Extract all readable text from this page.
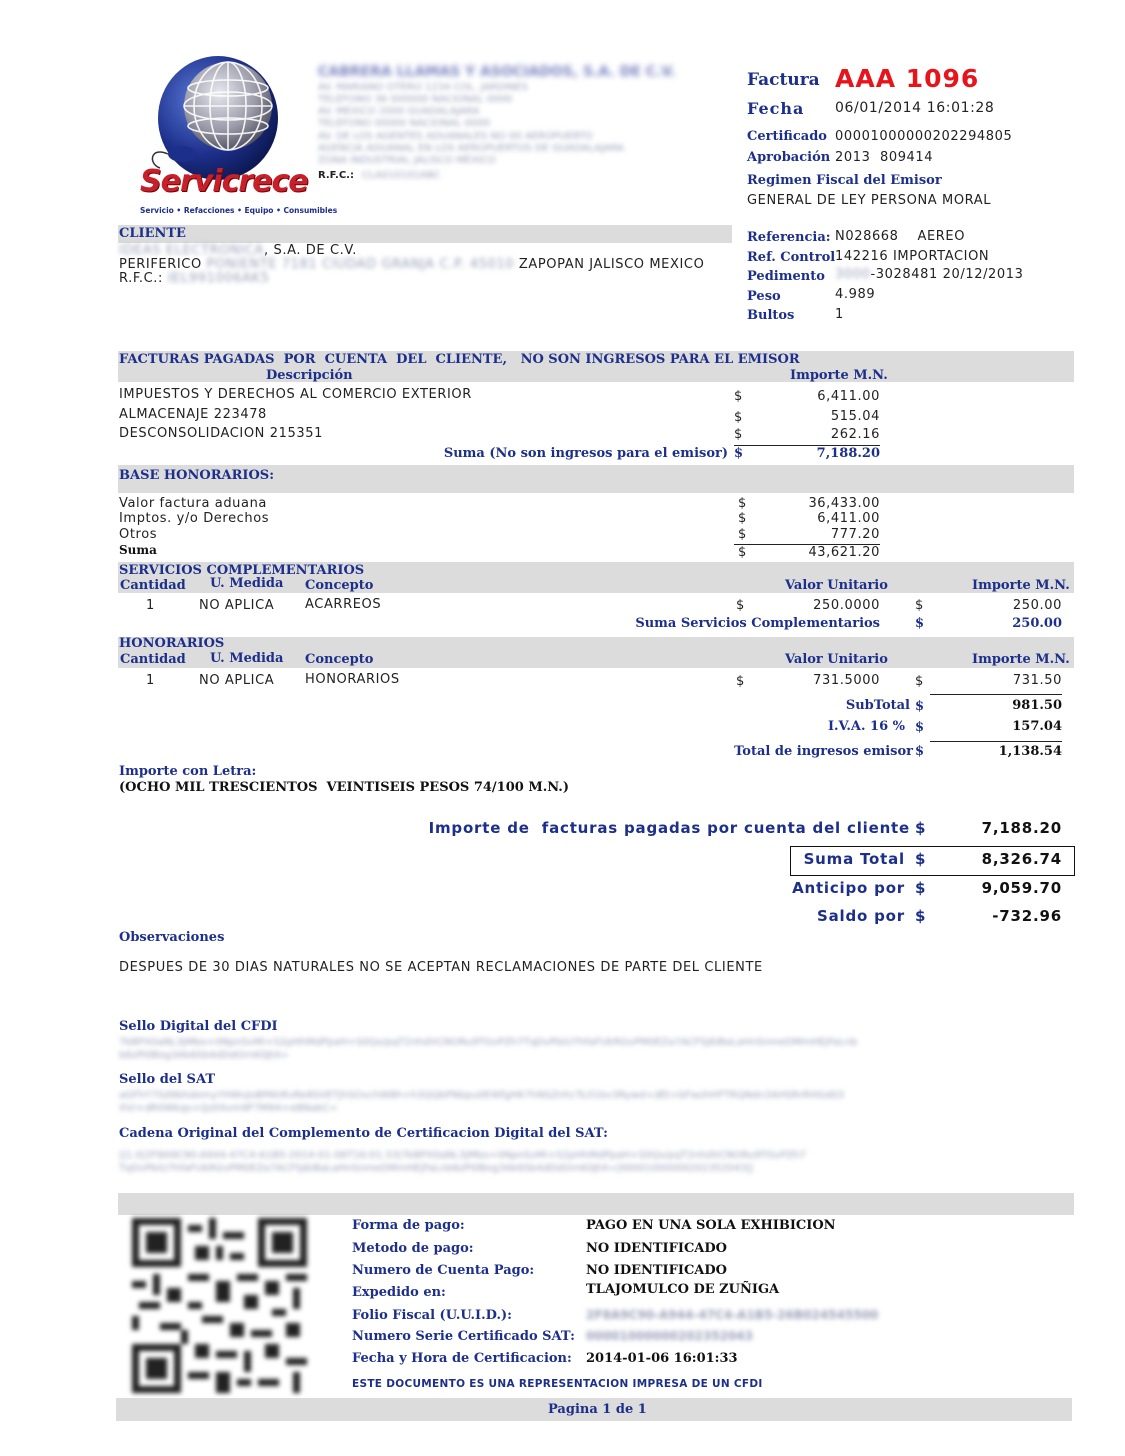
Servicrece
Servicio • Refacciones • Equipo • Consumibles
CABRERA LLAMAS Y ASOCIADOS, S.A. DE C.V.
AV. MARIANO OTERO 1234 COL. JARDINES
TELEFONO 36 000000 NACIONAL 0000
AV. MEXICO 2000 GUADALAJARA
TELEFONO 00000 NACIONAL 0000
AV. DE LOS AGENTES ADUANALES NO 00 AEROPUERTO
AGENCIA ADUANAL EN LOS AEROPUERTOS DE GUADALAJARA
ZONA INDUSTRIAL JALISCO MEXICO
R.F.C.: CLA010101ABC
Factura AAA 1096
Fecha 06/01/2014 16:01:28
Certificado 00001000000202294805
Aprobación 2013  809414
Regimen Fiscal del Emisor
GENERAL DE LEY PERSONA MORAL
CLIENTE
IDEAS ELECTRONICA, S.A. DE C.V.
PERIFERICO PONIENTE 7181 CIUDAD GRANJA C.P. 45010 ZAPOPAN JALISCO MEXICO
R.F.C.: IEL991006AK5
Referencia: N028668    AEREO
Ref. Control 142216 IMPORTACION
Pedimento 3000-3028481 20/12/2013
Peso	4.989
Bultos	1
FACTURAS PAGADAS  POR  CUENTA  DEL  CLIENTE,   NO SON INGRESOS PARA EL EMISOR
Descripción	Importe M.N.
IMPUESTOS Y DERECHOS AL COMERCIO EXTERIOR	$	6,411.00
ALMACENAJE 223478	$	515.04
DESCONSOLIDACION 215351	$	262.16
Suma (No son ingresos para el emisor) $	7,188.20
BASE HONORARIOS:
Valor factura aduana	$	36,433.00
Imptos. y/o Derechos	$	6,411.00
Otros	$	777.20
Suma	$	43,621.20
SERVICIOS COMPLEMENTARIOS
Cantidad U. Medida Concepto	Valor Unitario	Importe M.N.
1	NO APLICA ACARREOS	$	250.0000	$	250.00
Suma Servicios Complementarios	$	250.00
HONORARIOS
Cantidad U. Medida Concepto	Valor Unitario	Importe M.N.
1	NO APLICA HONORARIOS	$	731.5000	$	731.50
SubTotal $	981.50
I.V.A. 16 % $	157.04
Total de ingresos emisor $	1,138.54
Importe con Letra:
(OCHO MIL TRESCIENTOS  VEINTISEIS PESOS 74/100 M.N.)
Importe de  facturas pagadas por cuenta del cliente $	7,188.20
Suma Total $	8,326.74
Anticipo por $	9,059.70
Saldo por $	-732.96
Observaciones
DESPUES DE 30 DIAS NATURALES NO SE ACEPTAN RECLAMACIONES DE PARTE DEL CLIENTE
Sello Digital del CFDI
7kBPX0aNL3jMbo+0NpnSvMi+S2pHhMdPpaH+S0Qx/pqT2nhdVCNORu9TGvPZh7TqDvPbiU7hfaFUkRGvPM0EZa7ACFSj6iBaLaHnSnmeDMmHEjFaLnb
b6zPi0Bog3Ak6Sb4dDdOrnK0Jt4=
Sello del SAT
aGFhY7Sd9bhdemyYHWvJoBPAhRvRe8SVETjhSOvchW8h+h3QQbPNbpu0EWfgHK7hNSZnhcTu31bv3Rywd+dEt+bFwzhHFTRQNdn3AHSRrRHGd03
XV/+dR0Wkqs+Qz0Xvm9F7M94+eBNakC=
Cadena Original del Complemento de Certificacion Digital del SAT:
||1.0|2F8A9C90-A944-47C4-A1B5-2014-01-06T16:01:33|7kBPX0aNL3jMbo+0NpnSvMi+S2pHhMdPpaH+S0Qx/pqT2nhdVCNORu9TGvPZh7
TqDvPbiU7hfaFUkRGvPM0EZa7ACFSj6iBaLaHnSnmeDMmHEjFaLnb6zPi0Bog3Ak6Sb4dDdOrnK0Jt4=|00001000000202352043||
Forma de pago:	PAGO EN UNA SOLA EXHIBICION
Metodo de pago:	NO IDENTIFICADO
Numero de Cuenta Pago:	NO IDENTIFICADO
Expedido en:	TLAJOMULCO DE ZUÑIGA
Folio Fiscal (U.U.I.D.):	2F8A9C90-A944-47C4-A1B5-26B024545500
Numero Serie Certificado SAT: 00001000000202352043
Fecha y Hora de Certificacion: 2014-01-06 16:01:33
ESTE DOCUMENTO ES UNA REPRESENTACION IMPRESA DE UN CFDI
Pagina 1 de 1
